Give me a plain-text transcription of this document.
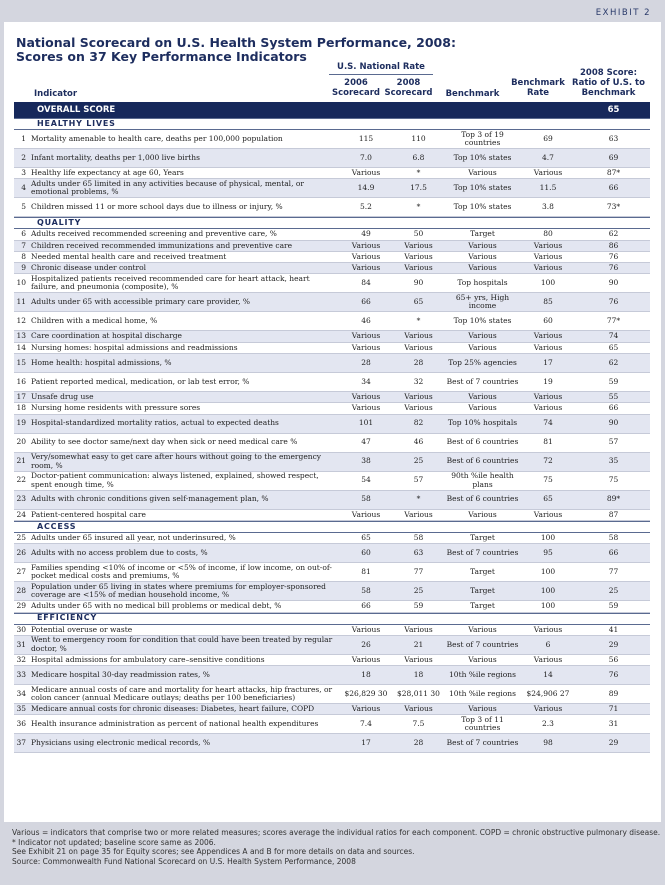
EXHIBIT 2
National Scorecard on U.S. Health System Performance, 2008:
Scores on 37 Key Performance Indicators
U.S. National Rate
Indicator
2006
Scorecard
2008
Scorecard	Benchmark
Benchmark
Rate
2008 Score:
Ratio of U.S. to
Benchmark
OVERALL SCORE	65
HEALTHY LIVES
1 Mortality amenable to health care, deaths per 100,000 population	115	110	Top 3 of 19 countries	69	63
2 Infant mortality, deaths per 1,000 live births	7.0	6.8	Top 10% states	4.7	69
3 Healthy life expectancy at age 60, Years	Various	*	Various	Various	87*
4 Adults under 65 limited in any activities because of physical, mental, or emotional problems, %	14.9	17.5	Top 10% states	11.5	66
5 Children missed 11 or more school days due to illness or injury, %	5.2	*	Top 10% states	3.8	73*
QUALITY
6 Adults received recommended screening and preventive care, %	49	50	Target	80	62
7 Children received recommended immunizations and preventive care	Various	Various	Various	Various	86
8 Needed mental health care and received treatment	Various	Various	Various	Various	76
9 Chronic disease under control	Various	Various	Various	Various	76
10 Hospitalized patients received recommended care for heart attack, heart failure, and pneumonia (composite), %	84	90	Top hospitals	100	90
11 Adults under 65 with accessible primary care provider, %	66	65	65+ yrs, High income	85	76
12 Children with a medical home, %	46	*	Top 10% states	60	77*
13 Care coordination at hospital discharge	Various	Various	Various	Various	74
14 Nursing homes: hospital admissions and readmissions	Various	Various	Various	Various	65
15 Home health: hospital admissions, %	28	28	Top 25% agencies	17	62
16 Patient reported medical, medication, or lab test error, %	34	32	Best of 7 countries	19	59
17 Unsafe drug use	Various	Various	Various	Various	55
18 Nursing home residents with pressure sores	Various	Various	Various	Various	66
19 Hospital-standardized mortality ratios, actual to expected deaths	101	82	Top 10% hospitals	74	90
20 Ability to see doctor same/next day when sick or need medical care %	47	46	Best of 6 countries	81	57
21 Very/somewhat easy to get care after hours without going to the emergency room, %	38	25	Best of 6 countries	72	35
22 Doctor-patient communication: always listened, explained, showed respect, spent enough time, %	54	57	90th %ile health plans	75	75
23 Adults with chronic conditions given self-management plan, %	58	*	Best of 6 countries	65	89*
24 Patient-centered hospital care	Various	Various	Various	Various	87
ACCESS
25 Adults under 65 insured all year, not underinsured, %	65	58	Target	100	58
26 Adults with no access problem due to costs, %	60	63	Best of 7 countries	95	66
27 Families spending <10% of income or <5% of income, if low income, on out-of-pocket medical costs and premiums, %	81	77	Target	100	77
28 Population under 65 living in states where premiums for employer-sponsored coverage are <15% of median household income, %	58	25	Target	100	25
29 Adults under 65 with no medical bill problems or medical debt, %	66	59	Target	100	59
EFFICIENCY
30 Potential overuse or waste	Various	Various	Various	Various	41
31 Went to emergency room for condition that could have been treated by regular doctor, %	26	21	Best of 7 countries	6	29
32 Hospital admissions for ambulatory care–sensitive conditions	Various	Various	Various	Various	56
33 Medicare hospital 30-day readmission rates, %	18	18	10th %ile regions	14	76
34 Medicare annual costs of care and mortality for heart attacks, hip fractures, or colon cancer (annual Medicare outlays; deaths per 100 beneficiaries)	$26,829 30	$28,011 30	10th %ile regions	$24,906 27	89
35 Medicare annual costs for chronic diseases: Diabetes, heart failure, COPD	Various	Various	Various	Various	71
36 Health insurance administration as percent of national health expenditures	7.4	7.5	Top 3 of 11 countries	2.3	31
37 Physicians using electronic medical records, %	17	28	Best of 7 countries	98	29
Various = indicators that comprise two or more related measures; scores average the individual ratios for each component. COPD = chronic obstructive pulmonary disease.
* Indicator not updated; baseline score same as 2006.
See Exhibit 21 on page 35 for Equity scores; see Appendices A and B for more details on data and sources.
Source: Commonwealth Fund National Scorecard on U.S. Health System Performance, 2008
